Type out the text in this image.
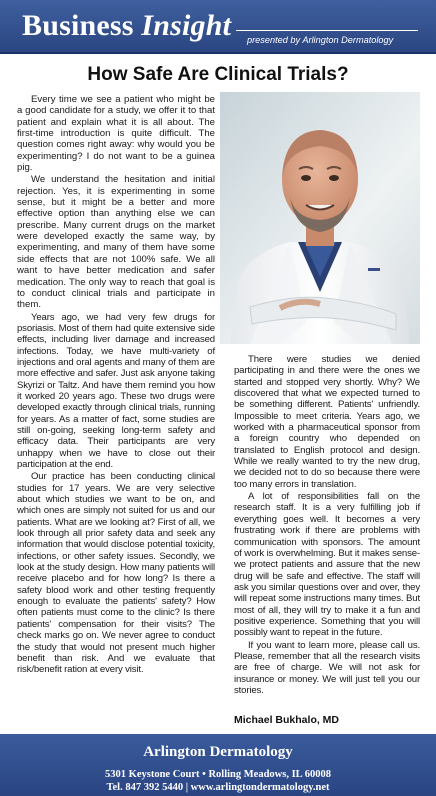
Business Insight presented by Arlington Dermatology
How Safe Are Clinical Trials?

Every time we see a patient who might be a good candidate for a study, we offer it to that patient and explain what it is all about. The first-time introduction is quite difficult. The question comes right away: why would you be experimenting? I do not want to be a guinea pig.

We understand the hesitation and initial rejection. Yes, it is experimenting in some sense, but it might be a better and more effective option than anything else we can prescribe. Many current drugs on the market were developed exactly the same way, by experimenting, and many of them have some side effects that are not 100% safe. We all want to have better medication and safer medication. The only way to reach that goal is to conduct clinical trials and participate in them.

Years ago, we had very few drugs for psoriasis. Most of them had quite extensive side effects, including liver damage and increased infections. Today, we have multi-variety of injections and oral agents and many of them are more effective and safer. Just ask anyone taking Skyrizi or Taltz. And have them remind you how it worked 20 years ago. These two drugs were developed exactly through clinical trials, running for years. As a matter of fact, some studies are still on-going, seeking long-term safety and efficacy data. Their participants are very unhappy when we have to close out their participation at the end.

Our practice has been conducting clinical studies for 17 years. We are very selective about which studies we want to be on, and which ones are simply not suited for us and our patients. What are we looking at? First of all, we look through all prior safety data and seek any information that would disclose potential toxicity, infections, or other safety issues. Secondly, we look at the study design. How many patients will receive placebo and for how long? Is there a safety blood work and other testing frequently enough to evaluate the patients' safety? How often patients must come to the clinic? Is there patients' compensation for their visits? The check marks go on. We never agree to conduct the study that would not present much higher benefit than risk. And we evaluate that risk/benefit ration at every visit.

There were studies we denied participating in and there were the ones we started and stopped very shortly. Why? We discovered that what we expected turned to be something different. Patients' unfriendly. Impossible to meet criteria. Years ago, we worked with a pharmaceutical sponsor from a foreign country who depended on translated to English protocol and design. While we really wanted to try the new drug, we decided not to do so because there were too many errors in translation.

A lot of responsibilities fall on the research staff. It is a very fulfilling job if everything goes well. It becomes a very frustrating work if there are problems with communication with sponsors. The amount of work is overwhelming. But it makes sense- we protect patients and assure that the new drug will be safe and effective. The staff will ask you similar questions over and over, they will repeat some instructions many times. But most of all, they will try to make it a fun and positive experience. Something that you will possibly want to repeat in the future.

If you want to learn more, please call us. Please, remember that all the research visits are free of charge. We will not ask for insurance or money. We will just tell you our stories.

Michael Bukhalo, MD
Arlington Dermatology
5301 Keystone Court • Rolling Meadows, IL 60008
Tel. 847 392 5440 | www.arlingtondermatology.net
